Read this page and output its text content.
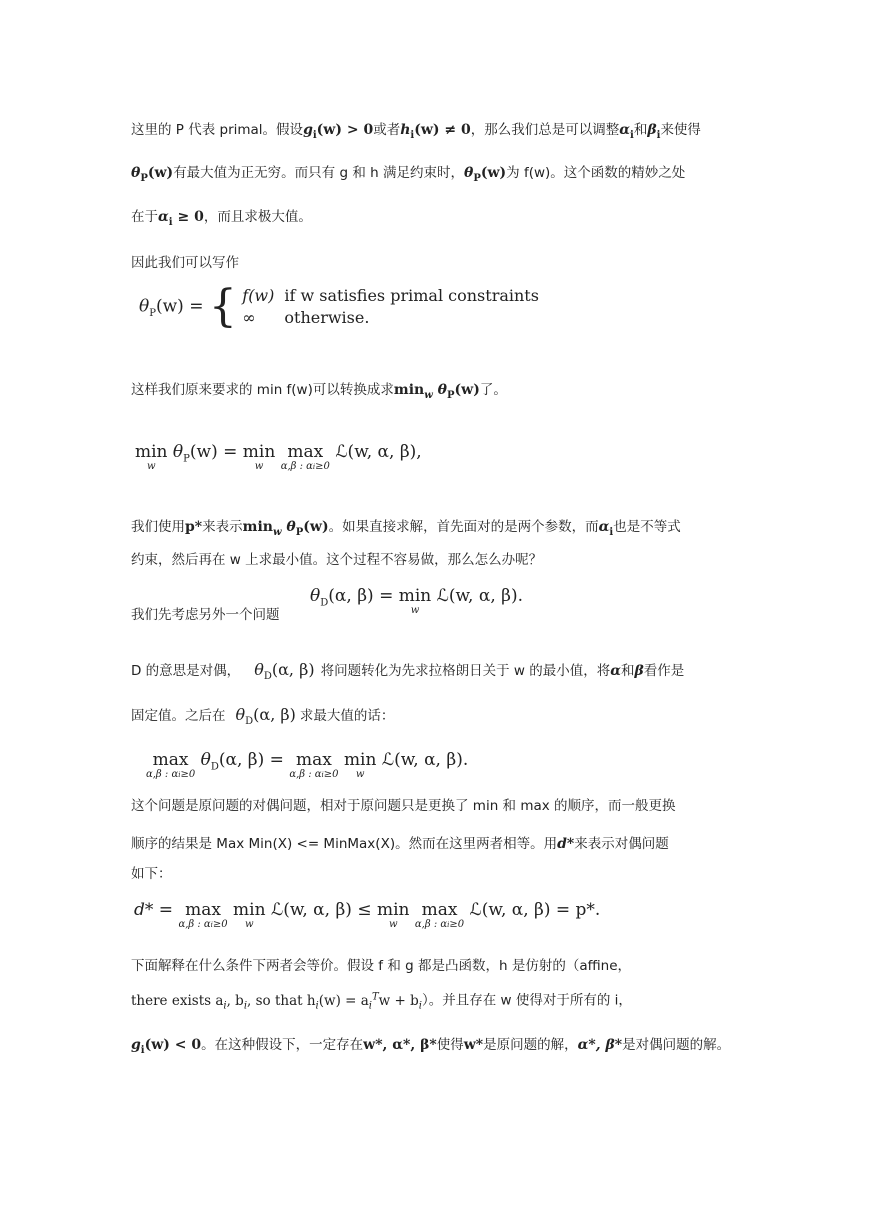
这里的 P 代表 primal。假设$g_i(w) > 0$或者$h_i(w) \ne 0$，那么我们总是可以调整$\alpha_i$和$\beta_i$来使得
$\theta_P(w)$有最大值为正无穷。而只有 g 和 h 满足约束时，$\theta_P(w)$为 f(w)。这个函数的精妙之处
在于$\alpha_i \ge 0$，而且求极大值。
因此我们可以写作
$\theta_P(w)$ = { f(w)	if w satisfies primal constraints
∞	otherwise.
这样我们原来要求的 min f(w)可以转换成求$\min_w \theta_P(w)$了。
min
w
$\theta_P(w) = \min$
w

max
α,β : αi≥0
ℒ(w, α, β),
我们使用p*来表示$\min_w \theta_P(w)$。如果直接求解，首先面对的是两个参数，而$\alpha_i$也是不等式
约束，然后再在 w 上求最小值。这个过程不容易做，那么怎么办呢？
我们先考虑另外一个问题
$\theta_D(\alpha$, β) = min
w
ℒ(w, α, β).
D 的意思是对偶， $\theta_D(\alpha$, β) 将问题转化为先求拉格朗日关于 w 的最小值，将α和β看作是
固定值。之后在 $\theta_D(\alpha$, β) 求最大值的话：
max
α,β : αi≥0
$\theta_D(\alpha$, β) = max
α,β : αi≥0

min
w
ℒ(w, α, β).
这个问题是原问题的对偶问题，相对于原问题只是更换了 min 和 max 的顺序，而一般更换
顺序的结果是 Max Min(X) <= MinMax(X)。然而在这里两者相等。用d*来表示对偶问题
如下：
d* = max
α,β : αi≥0

min
w
ℒ(w, α, β) ≤ min
w

max
α,β : αi≥0
ℒ(w, α, β) = p*.
下面解释在什么条件下两者会等价。假设 f 和 g 都是凸函数，h 是仿射的（affine，
there exists $a_i$, $b_i$, so that $h_i(w) = a_i^Tw + b_i$）。并且存在 w 使得对于所有的 i，
$g_i(w) < 0$。在这种假设下，一定存在w*, α*, β*使得w*是原问题的解，α*, β*是对偶问题的解。
